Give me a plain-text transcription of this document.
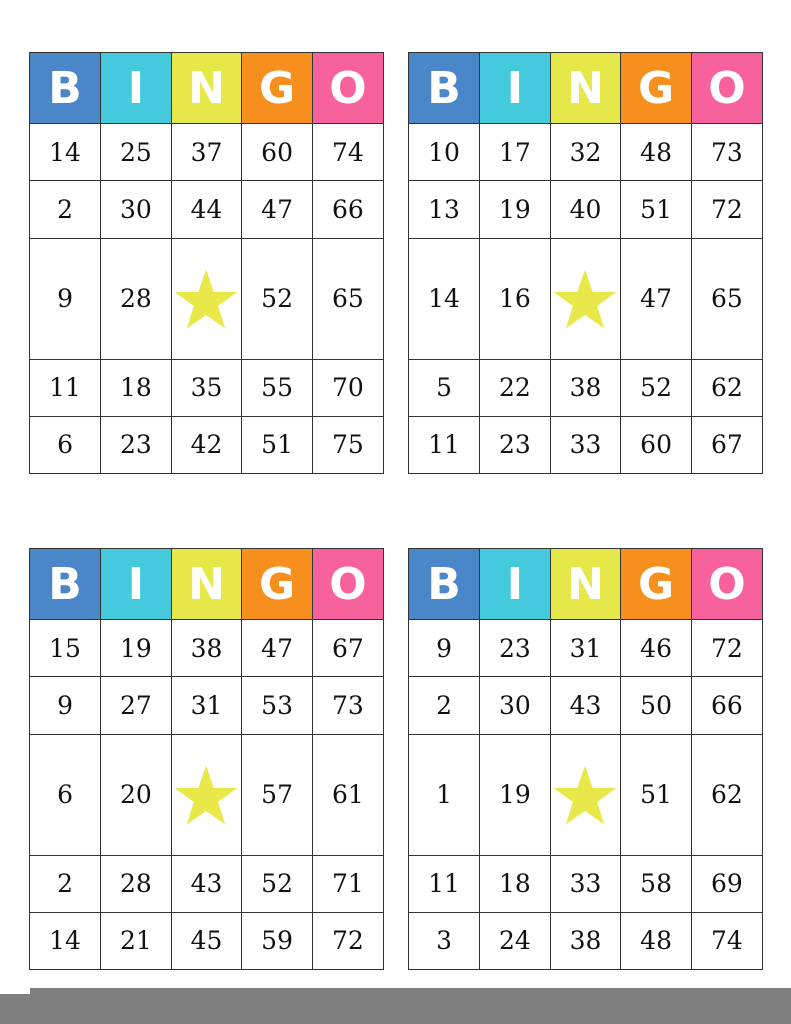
B	I	N	G	O
14	25	37	60	74
2	30	44	47	66
9	28		52	65
11	18	35	55	70
6	23	42	51	75
B	I	N	G	O
10	17	32	48	73
13	19	40	51	72
14	16		47	65
5	22	38	52	62
11	23	33	60	67
B	I	N	G	O
15	19	38	47	67
9	27	31	53	73
6	20		57	61
2	28	43	52	71
14	21	45	59	72
B	I	N	G	O
9	23	31	46	72
2	30	43	50	66
1	19		51	62
11	18	33	58	69
3	24	38	48	74
